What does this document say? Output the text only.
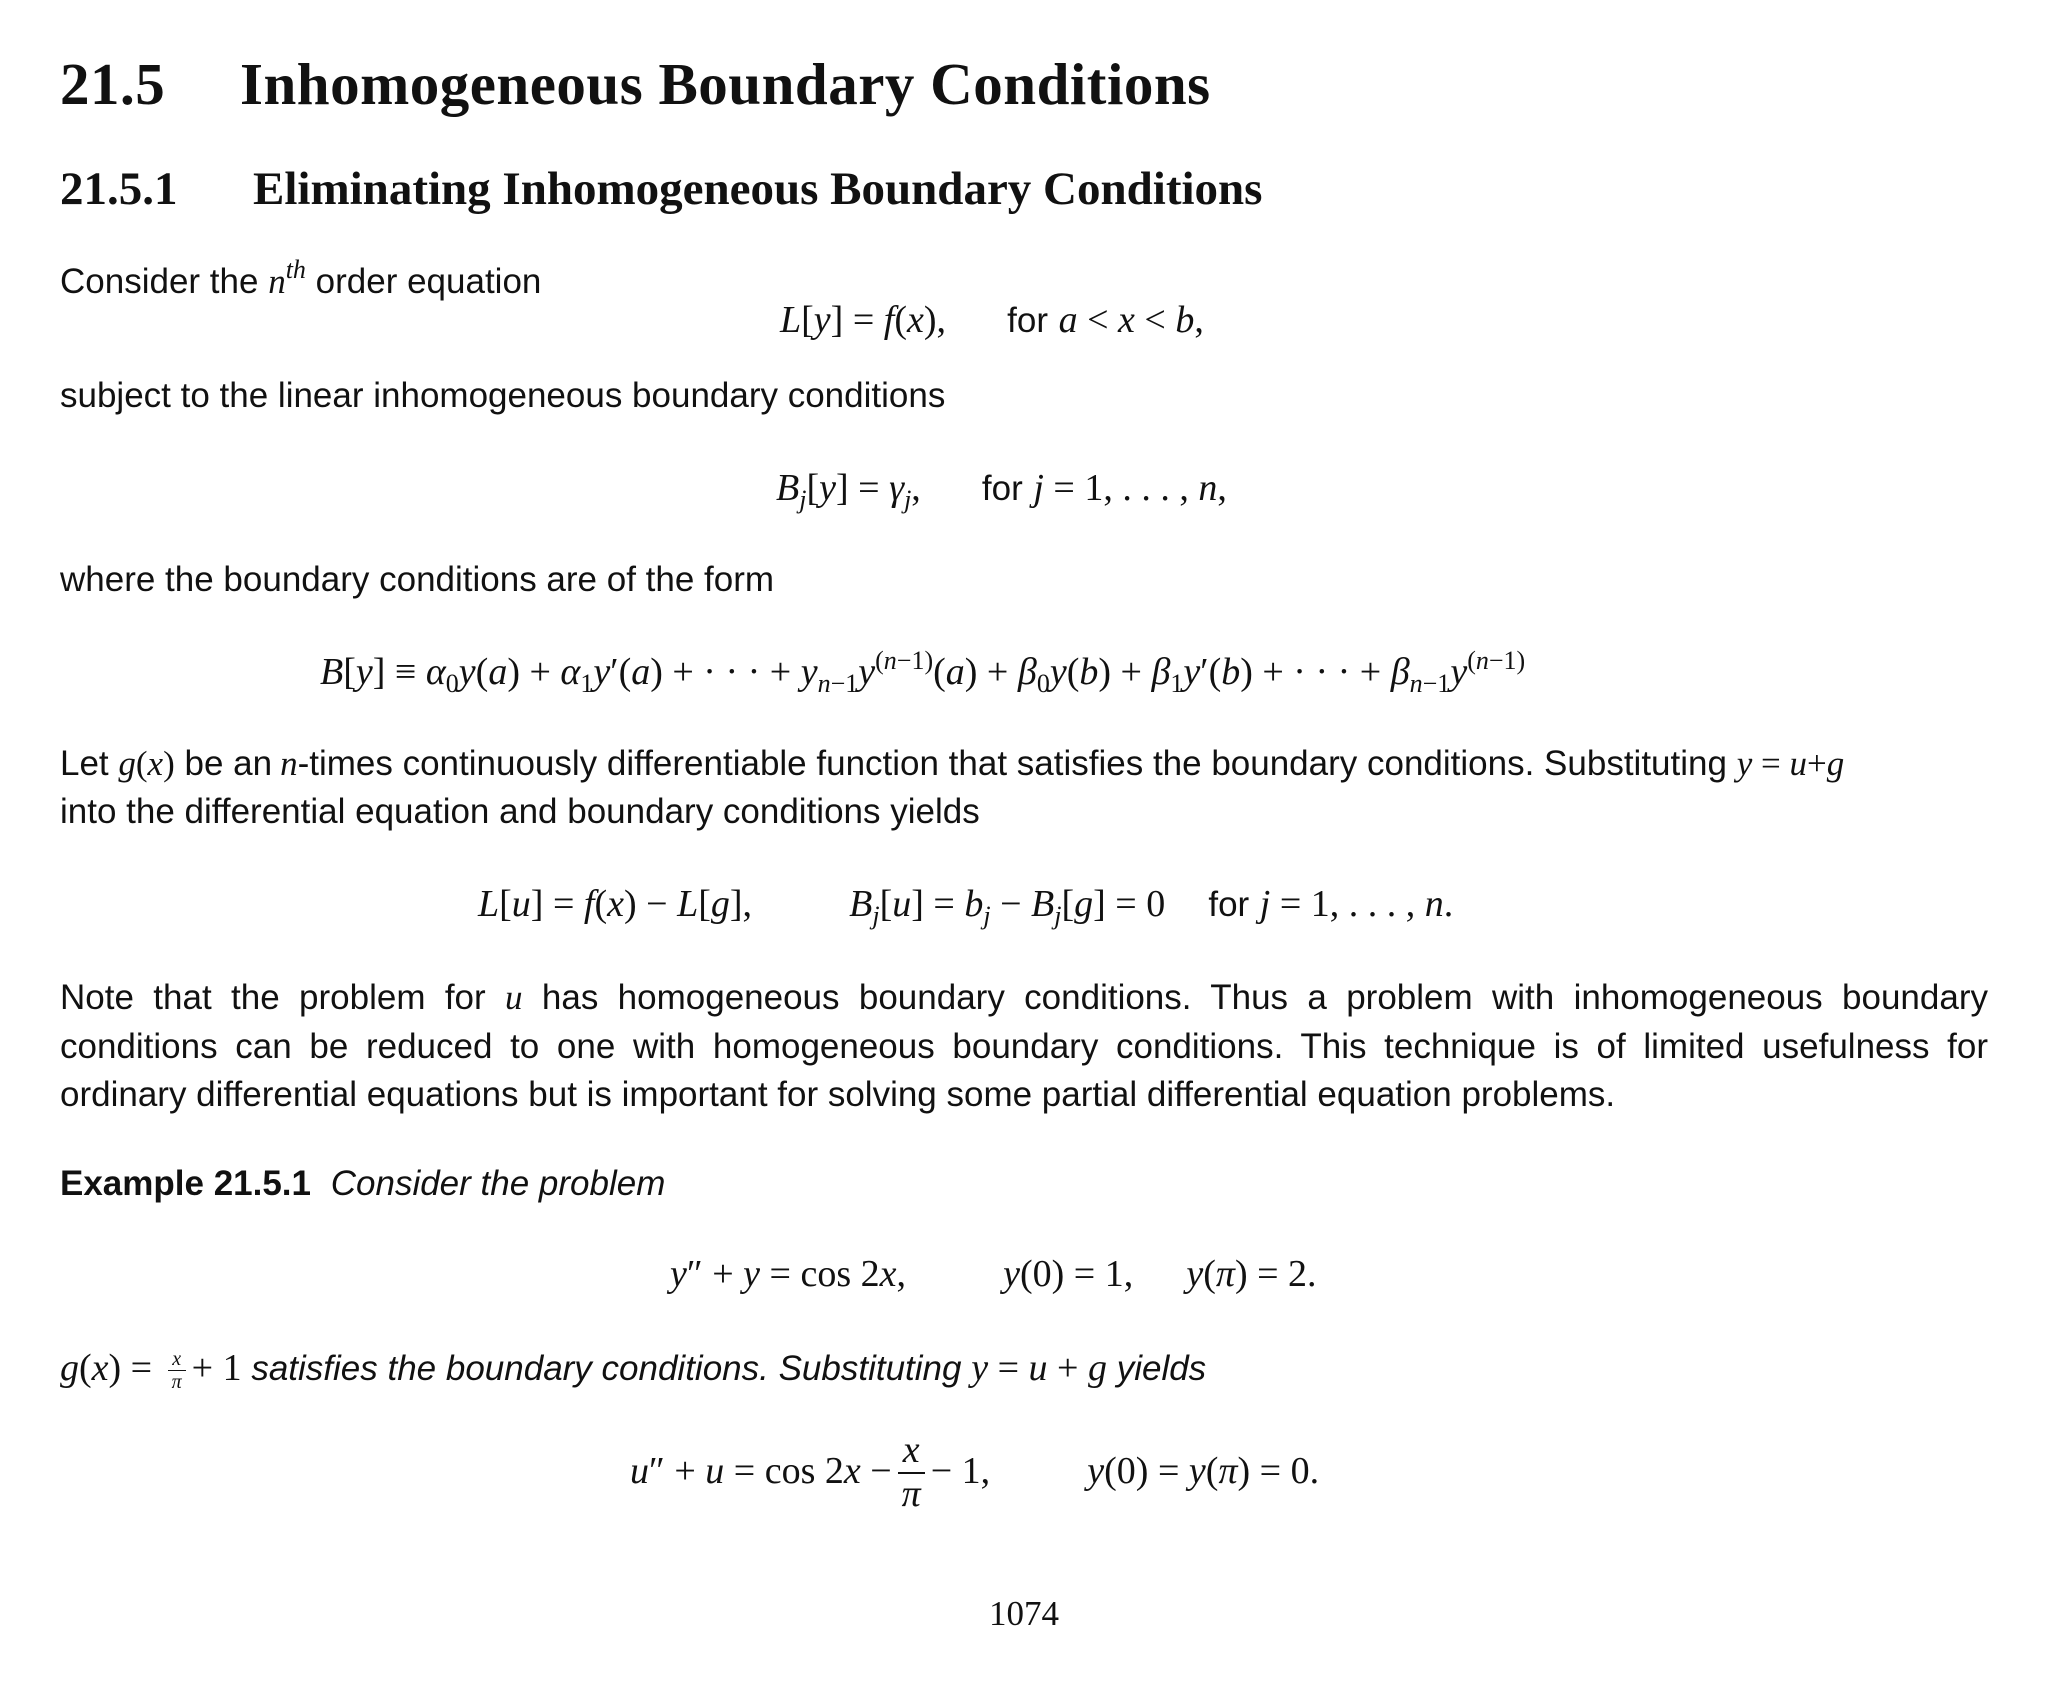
21.5 Inhomogeneous Boundary Conditions
21.5.1 Eliminating Inhomogeneous Boundary Conditions
Consider the $n^{th}$ order equation
L[y] = f(x), for a < x < b,
subject to the linear inhomogeneous boundary conditions
$B_j[y] = \gamma_j$, for j = 1, . . . , n,
where the boundary conditions are of the form
$B[y] \equiv \alpha_0y(a) + \alpha_1y'(a)$ + · · · + $y_{n-1}y^{(n-1)}(a) + \beta_0y(b) + \beta_1y'(b)$ + · · · + $\beta_{n-1}y^{(n-1)}$
Let g(x) be an n-times continuously differentiable function that satisfies the boundary conditions. Substituting y = u+g
into the differential equation and boundary conditions yields
L[u] = f(x) − L[g],	$B_j[u] = b_j - B_j[g] = 0$ for j = 1, . . . , n.
Note that the problem for u has homogeneous boundary conditions. Thus a problem with inhomogeneous boundary conditions can be reduced to one with homogeneous boundary conditions. This technique is of limited usefulness for ordinary differential equations but is important for solving some partial differential equation problems.
Example 21.5.1 Consider the problem
y″ + y = cos 2x,	y(0) = 1, y(π) = 2.
$g(x) = \frac{x}{\pi} + 1$ satisfies the boundary conditions. Substituting y = u + g yields
$u'' + u = \cos 2x - \frac{x}{\pi} - 1$,	y(0) = y(π) = 0.
1074
